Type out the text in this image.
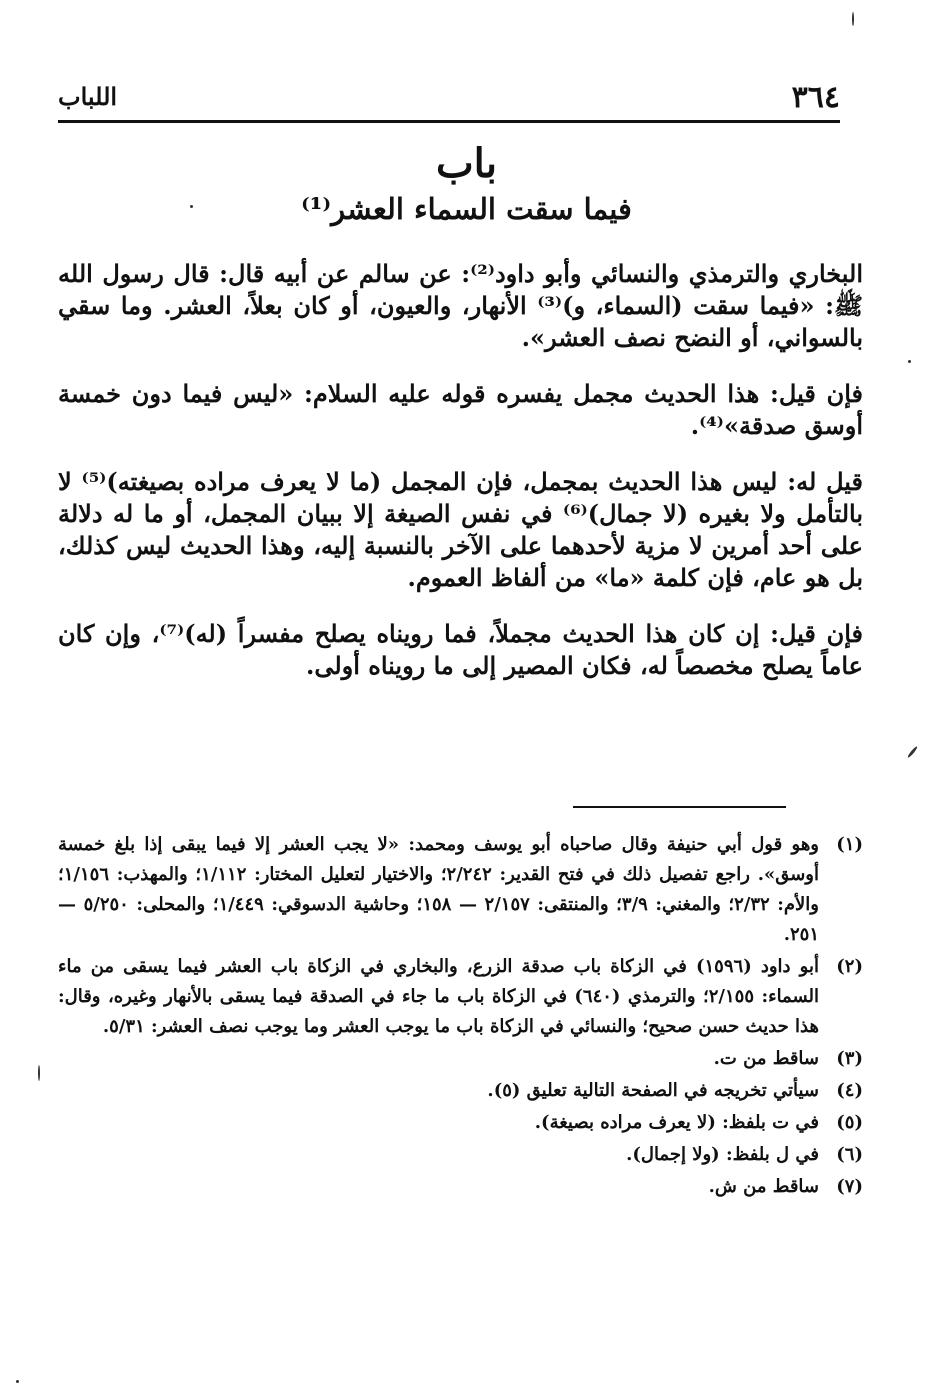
٣٦٤
اللباب
باب
فيما سقت السماء العشر⁽¹⁾

البخاري والترمذي والنسائي وأبو داود⁽²⁾: عن سالم عن أبيه قال: قال رسول الله ﷺ: «فيما سقت (السماء، و)⁽³⁾ الأنهار، والعيون، أو كان بعلاً، العشر. وما سقي بالسواني، أو النضح نصف العشر».

فإن قيل: هذا الحديث مجمل يفسره قوله عليه السلام: «ليس فيما دون خمسة أوسق صدقة»⁽⁴⁾.

قيل له: ليس هذا الحديث بمجمل، فإن المجمل (ما لا يعرف مراده بصيغته)⁽⁵⁾ لا بالتأمل ولا بغيره (لا جمال)⁽⁶⁾ في نفس الصيغة إلا ببيان المجمل، أو ما له دلالة على أحد أمرين لا مزية لأحدهما على الآخر بالنسبة إليه، وهذا الحديث ليس كذلك، بل هو عام، فإن كلمة «ما» من ألفاظ العموم.

فإن قيل: إن كان هذا الحديث مجملاً، فما رويناه يصلح مفسراً (له)⁽⁷⁾، وإن كان عاماً يصلح مخصصاً له، فكان المصير إلى ما رويناه أولى.

(١)
وهو قول أبي حنيفة وقال صاحباه أبو يوسف ومحمد: «لا يجب العشر إلا فيما يبقى إذا بلغ خمسة أوسق». راجع تفصيل ذلك في فتح القدير: ٢/٢٤٢؛ والاختيار لتعليل المختار: ١/١١٢؛ والمهذب: ١/١٥٦؛ والأم: ٢/٣٢؛ والمغني: ٣/٩؛ والمنتقى: ٢/١٥٧ — ١٥٨؛ وحاشية الدسوقي: ١/٤٤٩؛ والمحلى: ٥/٢٥٠ — ٢٥١.
(٢)
أبو داود (١٥٩٦) في الزكاة باب صدقة الزرع، والبخاري في الزكاة باب العشر فيما يسقى من ماء السماء: ٢/١٥٥؛ والترمذي (٦٤٠) في الزكاة باب ما جاء في الصدقة فيما يسقى بالأنهار وغيره، وقال: هذا حديث حسن صحيح؛ والنسائي في الزكاة باب ما يوجب العشر وما يوجب نصف العشر: ٥/٣١.
(٣)
ساقط من ت.
(٤)
سيأتي تخريجه في الصفحة التالية تعليق (٥).
(٥)
في ت بلفظ: (لا يعرف مراده بصيغة).
(٦)
في ل بلفظ: (ولا إجمال).
(٧)
ساقط من ش.
